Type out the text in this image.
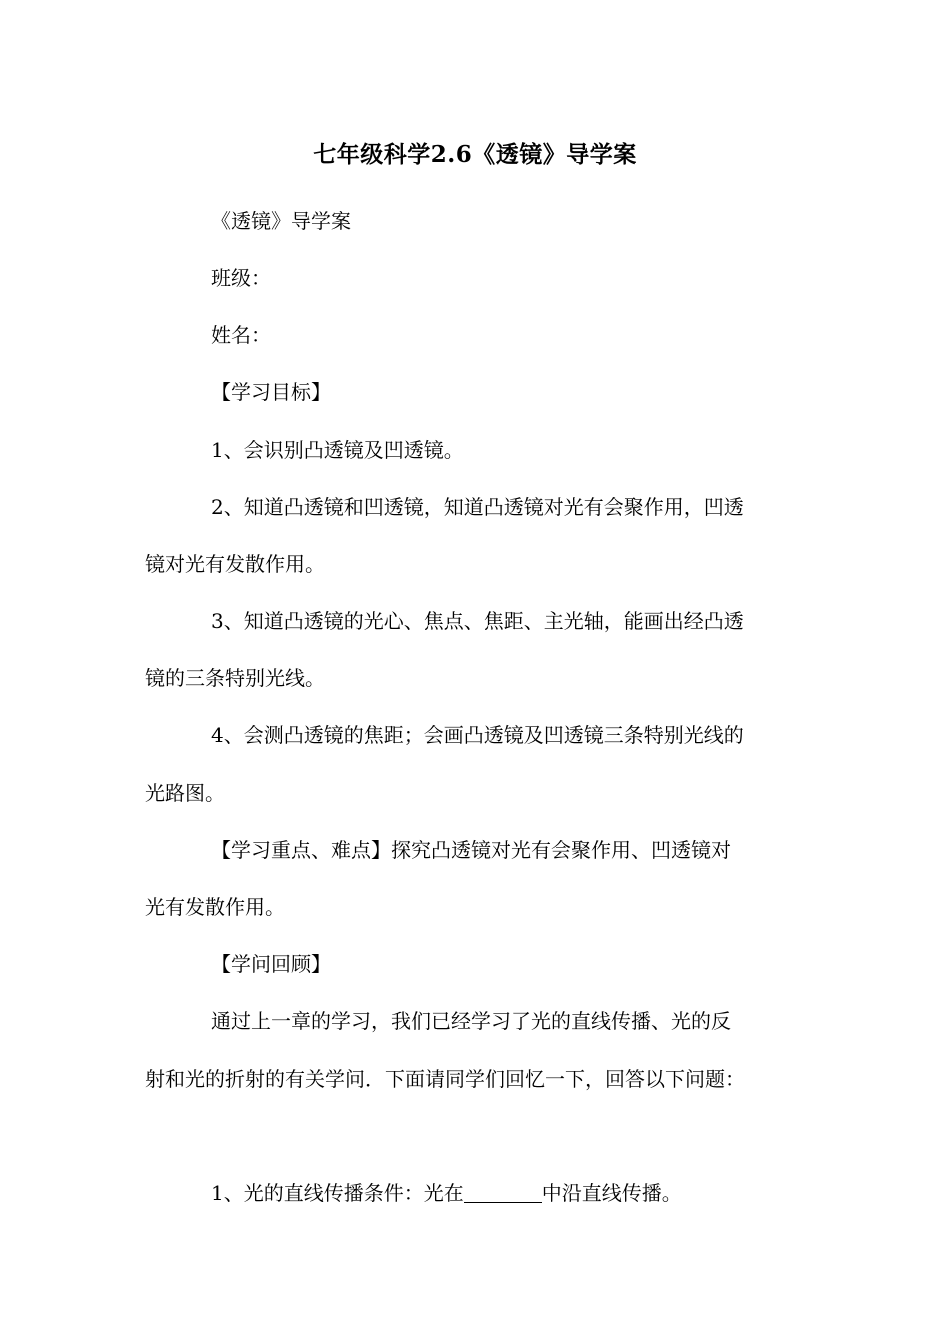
七年级科学2.6《透镜》导学案
《透镜》导学案
班级：
姓名：
【学习目标】
1、会识别凸透镜及凹透镜。
2、知道凸透镜和凹透镜，知道凸透镜对光有会聚作用，凹透
镜对光有发散作用。
3、知道凸透镜的光心、焦点、焦距、主光轴，能画出经凸透
镜的三条特别光线。
4、会测凸透镜的焦距；会画凸透镜及凹透镜三条特别光线的
光路图。
【学习重点、难点】探究凸透镜对光有会聚作用、凹透镜对
光有发散作用。
【学问回顾】
通过上一章的学习，我们已经学习了光的直线传播、光的反
射和光的折射的有关学问．下面请同学们回忆一下，回答以下问题：
1、光的直线传播条件：光在	中沿直线传播。
